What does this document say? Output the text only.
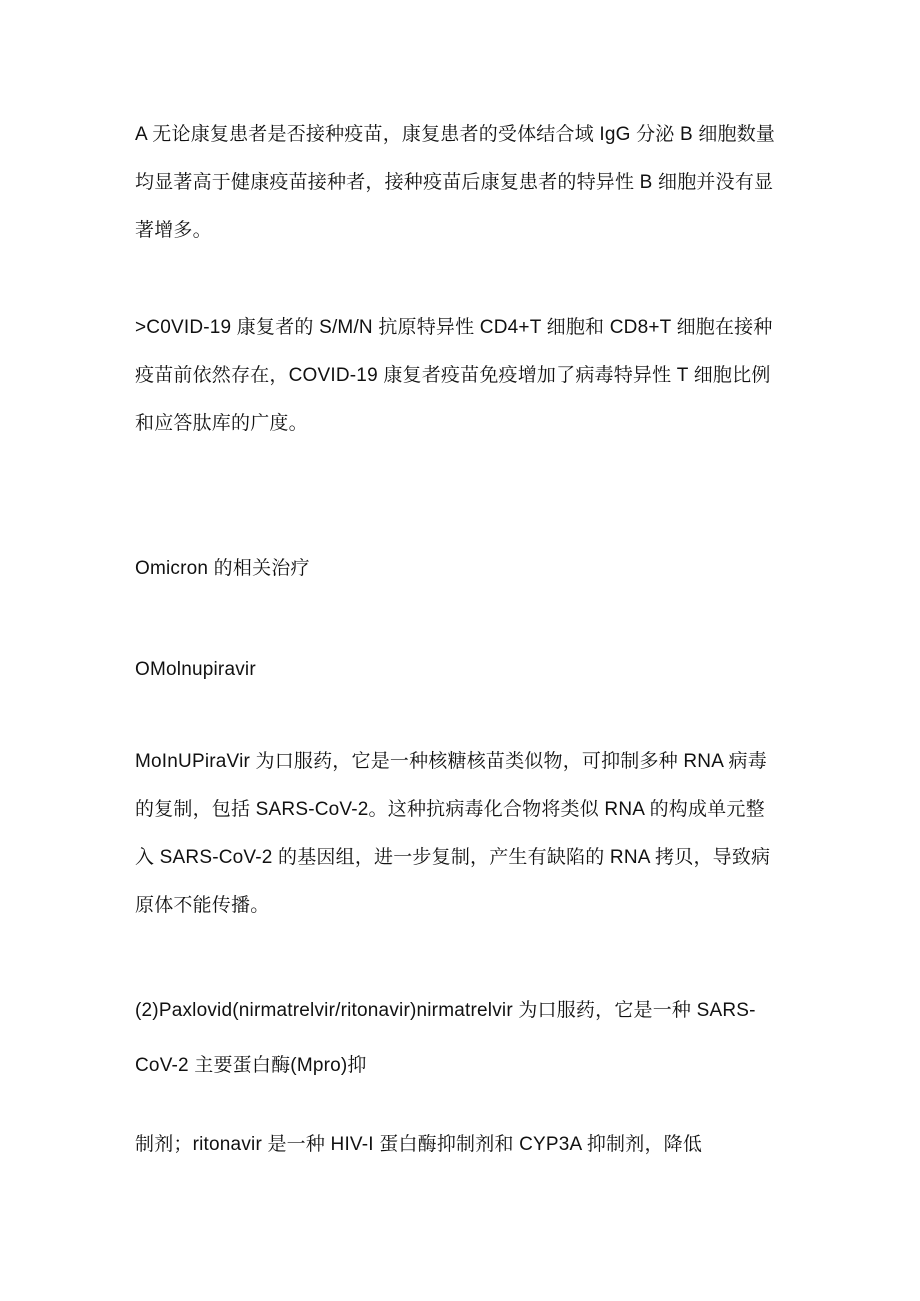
A 无论康复患者是否接种疫苗，康复患者的受体结合域 IgG 分泌 B 细胞数量
均显著高于健康疫苗接种者，接种疫苗后康复患者的特异性 B 细胞并没有显
著增多。
>C0VID-19 康复者的 S/M/N 抗原特异性 CD4+T 细胞和 CD8+T 细胞在接种
疫苗前依然存在，COVID-19 康复者疫苗免疫增加了病毒特异性 T 细胞比例
和应答肽库的广度。
Omicron 的相关治疗
OMolnupiravir
MoInUPiraVir 为口服药，它是一种核糖核苗类似物，可抑制多种 RNA 病毒
的复制，包括 SARS-CoV-2。这种抗病毒化合物将类似 RNA 的构成单元整
入 SARS-CoV-2 的基因组，进一步复制，产生有缺陷的 RNA 拷贝，导致病
原体不能传播。
(2)Paxlovid(nirmatrelvir/ritonavir)nirmatrelvir 为口服药，它是一种 SARS-
CoV-2 主要蛋白酶(Mpro)抑
制剂；ritonavir 是一种 HIV-I 蛋白酶抑制剂和 CYP3A 抑制剂，降低
